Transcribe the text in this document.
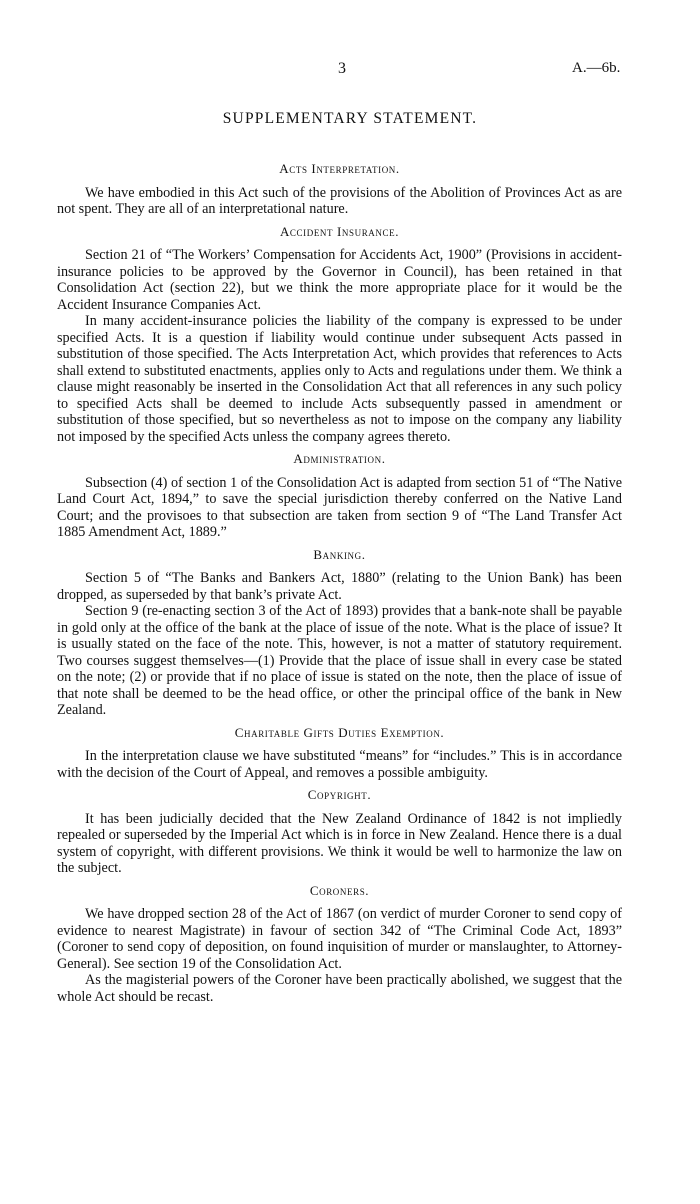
3	A.—6b.
SUPPLEMENTARY STATEMENT.
Acts Interpretation.

We have embodied in this Act such of the provisions of the Abolition of Provinces Act as are not spent. They are all of an interpretational nature.

Accident Insurance.

Section 21 of “The Workers’ Compensation for Accidents Act, 1900” (Provisions in accident-insurance policies to be approved by the Governor in Council), has been retained in that Consolidation Act (section 22), but we think the more appropriate place for it would be the Accident Insurance Companies Act.

In many accident-insurance policies the liability of the company is expressed to be under specified Acts. It is a question if liability would continue under subsequent Acts passed in substitution of those specified. The Acts Interpretation Act, which provides that references to Acts shall extend to substituted enactments, applies only to Acts and regulations under them. We think a clause might reasonably be inserted in the Consolidation Act that all references in any such policy to specified Acts shall be deemed to include Acts subsequently passed in amendment or substitution of those specified, but so nevertheless as not to impose on the company any liability not imposed by the specified Acts unless the company agrees thereto.

Administration.

Subsection (4) of section 1 of the Consolidation Act is adapted from section 51 of “The Native Land Court Act, 1894,” to save the special jurisdiction thereby conferred on the Native Land Court; and the provisoes to that subsection are taken from section 9 of “The Land Transfer Act 1885 Amendment Act, 1889.”

Banking.

Section 5 of “The Banks and Bankers Act, 1880” (relating to the Union Bank) has been dropped, as superseded by that bank’s private Act.

Section 9 (re-enacting section 3 of the Act of 1893) provides that a bank-note shall be payable in gold only at the office of the bank at the place of issue of the note. What is the place of issue? It is usually stated on the face of the note. This, however, is not a matter of statutory requirement. Two courses suggest themselves—(1) Provide that the place of issue shall in every case be stated on the note; (2) or provide that if no place of issue is stated on the note, then the place of issue of that note shall be deemed to be the head office, or other the principal office of the bank in New Zealand.

Charitable Gifts Duties Exemption.

In the interpretation clause we have substituted “means” for “includes.” This is in accordance with the decision of the Court of Appeal, and removes a possible ambiguity.

Copyright.

It has been judicially decided that the New Zealand Ordinance of 1842 is not impliedly repealed or superseded by the Imperial Act which is in force in New Zealand. Hence there is a dual system of copyright, with different provisions. We think it would be well to harmonize the law on the subject.

Coroners.

We have dropped section 28 of the Act of 1867 (on verdict of murder Coroner to send copy of evidence to nearest Magistrate) in favour of section 342 of “The Criminal Code Act, 1893” (Coroner to send copy of deposition, on found inquisition of murder or manslaughter, to Attorney-General). See section 19 of the Consolidation Act.

As the magisterial powers of the Coroner have been practically abolished, we suggest that the whole Act should be recast.
